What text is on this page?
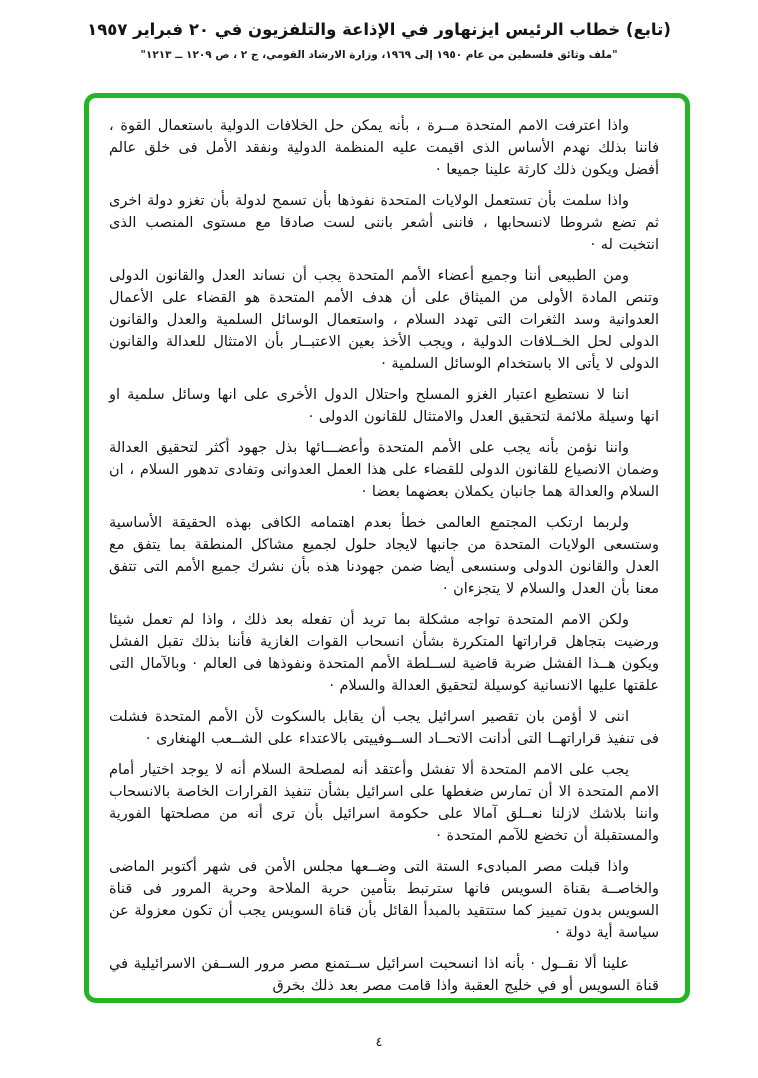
(تابع) خطاب الرئيس ايزنهاور في الإذاعة والتلفزيون في ٢٠ فبراير ١٩٥٧
"ملف وثائق فلسطين من عام ١٩٥٠ إلى ١٩٦٩، وزارة الارشاد القومي، ج ٢ ، ص ١٢٠٩ ــ ١٢١٣"

واذا اعترفت الامم المتحدة مــرة ، بأنه يمكن حل الخلافات الدولية باستعمال القوة ، فاننا بذلك نهدم الأساس الذى اقيمت عليه المنظمة الدولية ونفقد الأمل فى خلق عالم أفضل ويكون ذلك كارثة علينا جميعا ·

واذا سلمت بأن تستعمل الولايات المتحدة نفوذها بأن تسمح لدولة بأن تغزو دولة اخرى ثم تضع شروطا لانسحابها ، فاننى أشعر باننى لست صادقا مع مستوى المنصب الذى انتخبت له ·

ومن الطبيعى أننا وجميع أعضاء الأمم المتحدة يجب أن نساند العدل والقانون الدولى وتنص المادة الأولى من الميثاق على أن هدف الأمم المتحدة هو القضاء على الأعمال العدوانية وسد الثغرات التى تهدد السلام ، واستعمال الوسائل السلمية والعدل والقانون الدولى لحل الخــلافات الدولية ، ويجب الأخذ بعين الاعتبــار بأن الامتثال للعدالة والقانون الدولى لا يأتى الا باستخدام الوسائل السلمية ·

اننا لا نستطيع اعتبار الغزو المسلح واحتلال الدول الأخرى على انها وسائل سلمية او انها وسيلة ملائمة لتحقيق العدل والامتثال للقانون الدولى ·

واننا نؤمن بأنه يجب على الأمم المتحدة وأعضـــائها بذل جهود أكثر لتحقيق العدالة وضمان الانصياع للقانون الدولى للقضاء على هذا العمل العدوانى وتفادى تدهور السلام ، ان السلام والعدالة هما جانبان يكملان بعضهما بعضا ·

ولربما ارتكب المجتمع العالمى خطأ بعدم اهتمامه الكافى بهذه الحقيقة الأساسية وستسعى الولايات المتحدة من جانبها لايجاد حلول لجميع مشاكل المنطقة بما يتفق مع العدل والقانون الدولى وسنسعى أيضا ضمن جهودنا هذه بأن نشرك جميع الأمم التى تتفق معنا بأن العدل والسلام لا يتجزءان ·

ولكن الامم المتحدة تواجه مشكلة بما تريد أن تفعله بعد ذلك ، واذا لم تعمل شيئا ورضيت بتجاهل قراراتها المتكررة بشأن انسحاب القوات الغازية فأننا بذلك تقبل الفشل ويكون هــذا الفشل ضربة قاضية لســلطة الأمم المتحدة ونفوذها فى العالم · وبالآمال التى علقتها عليها الانسانية كوسيلة لتحقيق العدالة والسلام ·

اننى لا أؤمن بان تقصير اسرائيل يجب أن يقابل بالسكوت لأن الأمم المتحدة فشلت فى تنفيذ قراراتهــا التى أدانت الاتحــاد الســوفييتى بالاعتداء على الشــعب الهنغارى ·

يجب على الامم المتحدة ألا تفشل وأعتقد أنه لمصلحة السلام أنه لا يوجد اختيار أمام الامم المتحدة الا أن تمارس ضغطها على اسرائيل بشأن تنفيذ القرارات الخاصة بالانسحاب واننا بلاشك لازلنا نعــلق آمالا على حكومة اسرائيل بأن ترى أنه من مصلحتها الفورية والمستقبلة أن تخضع للآمم المتحدة ·

واذا قبلت مصر المبادىء الستة التى وضــعها مجلس الأمن فى شهر أكتوبر الماضى والخاصــة بقناة السويس فانها سترتبط بتأمين حرية الملاحة وحرية المرور فى قناة السويس بدون تمييز كما ستتقيد بالمبدأ القائل بأن قناة السويس يجب أن تكون معزولة عن سياسة أية دولة ·

علينا ألا نقــول · بأنه اذا انسحبت اسرائيل ســتمنع مصر مرور الســفن الاسرائيلية في قناة السويس أو في خليج العقبة واذا قامت مصر بعد ذلك بخرق

٤
